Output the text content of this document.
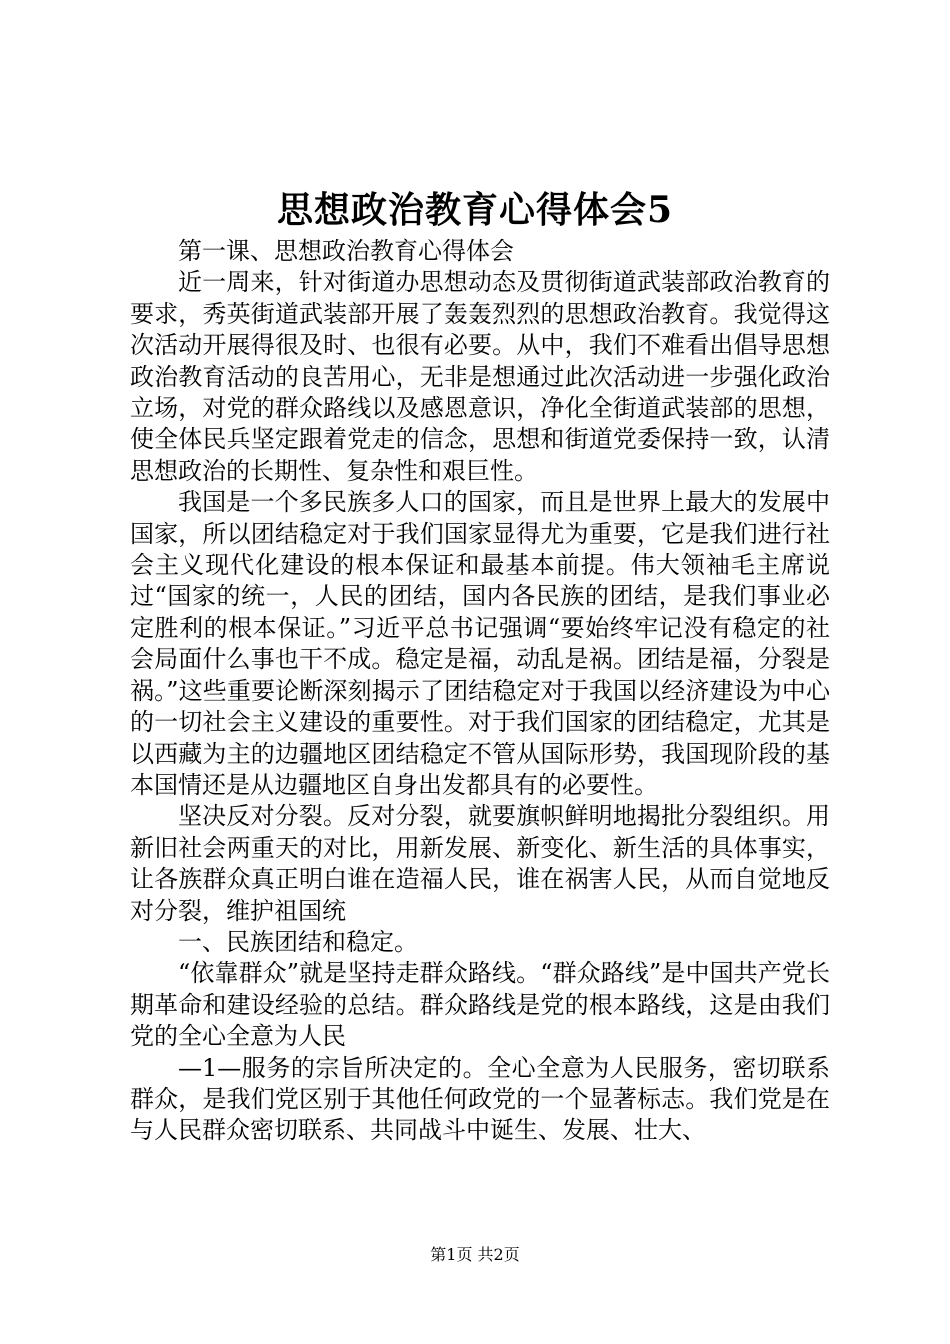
思想政治教育心得体会5

第一课、思想政治教育心得体会

近一周来，针对街道办思想动态及贯彻街道武装部政治教育的要求，秀英街道武装部开展了轰轰烈烈的思想政治教育。我觉得这次活动开展得很及时、也很有必要。从中，我们不难看出倡导思想政治教育活动的良苦用心，无非是想通过此次活动进一步强化政治立场，对党的群众路线以及感恩意识，净化全街道武装部的思想，使全体民兵坚定跟着党走的信念，思想和街道党委保持一致，认清思想政治的长期性、复杂性和艰巨性。

我国是一个多民族多人口的国家，而且是世界上最大的发展中国家，所以团结稳定对于我们国家显得尤为重要，它是我们进行社会主义现代化建设的根本保证和最基本前提。伟大领袖毛主席说过“国家的统一，人民的团结，国内各民族的团结，是我们事业必定胜利的根本保证。”习近平总书记强调“要始终牢记没有稳定的社会局面什么事也干不成。稳定是福，动乱是祸。团结是福，分裂是祸。”这些重要论断深刻揭示了团结稳定对于我国以经济建设为中心的一切社会主义建设的重要性。对于我们国家的团结稳定，尤其是以西藏为主的边疆地区团结稳定不管从国际形势，我国现阶段的基本国情还是从边疆地区自身出发都具有的必要性。

坚决反对分裂。反对分裂，就要旗帜鲜明地揭批分裂组织。用新旧社会两重天的对比，用新发展、新变化、新生活的具体事实，让各族群众真正明白谁在造福人民，谁在祸害人民，从而自觉地反对分裂，维护祖国统

一、民族团结和稳定。

“依靠群众”就是坚持走群众路线。“群众路线”是中国共产党长期革命和建设经验的总结。群众路线是党的根本路线，这是由我们党的全心全意为人民

—1—服务的宗旨所决定的。全心全意为人民服务，密切联系群众，是我们党区别于其他任何政党的一个显著标志。我们党是在与人民群众密切联系、共同战斗中诞生、发展、壮大、

第1页 共2页
